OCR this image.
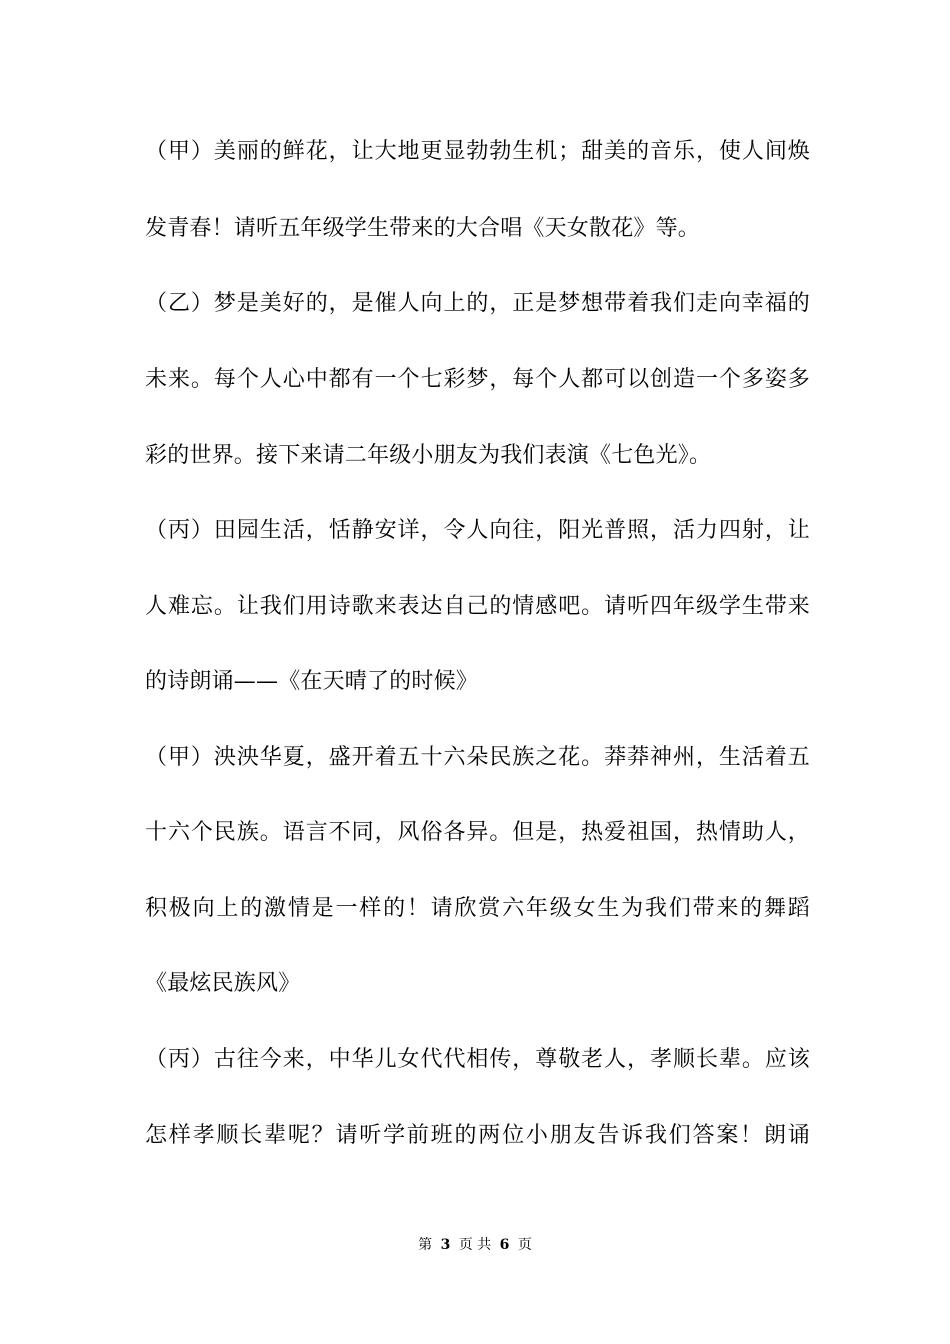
（甲）美丽的鲜花，让大地更显勃勃生机；甜美的音乐，使人间焕
发青春！请听五年级学生带来的大合唱《天女散花》等。
（乙）梦是美好的，是催人向上的，正是梦想带着我们走向幸福的
未来。每个人心中都有一个七彩梦，每个人都可以创造一个多姿多
彩的世界。接下来请二年级小朋友为我们表演《七色光》。
（丙）田园生活，恬静安详，令人向往，阳光普照，活力四射，让
人难忘。让我们用诗歌来表达自己的情感吧。请听四年级学生带来
的诗朗诵——《在天晴了的时候》
（甲）泱泱华夏，盛开着五十六朵民族之花。莽莽神州，生活着五
十六个民族。语言不同，风俗各异。但是，热爱祖国，热情助人，
积极向上的激情是一样的！请欣赏六年级女生为我们带来的舞蹈
《最炫民族风》
（丙）古往今来，中华儿女代代相传，尊敬老人，孝顺长辈。应该
怎样孝顺长辈呢？请听学前班的两位小朋友告诉我们答案！朗诵
第 3 页 共 6 页
